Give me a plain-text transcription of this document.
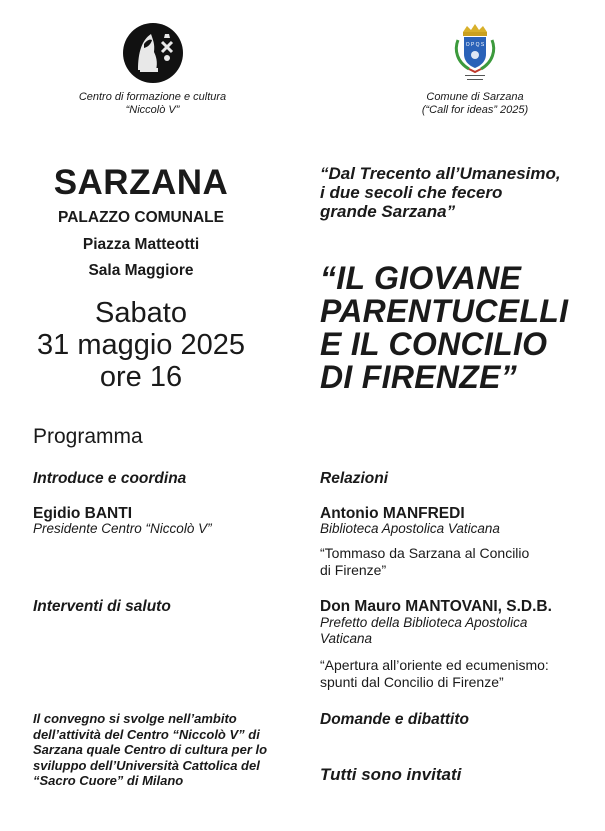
Centro di formazione e cultura
“Niccolò V”
O P Q S
Comune di Sarzana
(“Call for ideas” 2025)
SARZANA
PALAZZO COMUNALE
Piazza Matteotti
Sala Maggiore
Sabato
31 maggio 2025
ore 16
“Dal Trecento all’Umanesimo,
i due secoli che fecero
grande Sarzana”
“IL GIOVANE
PARENTUCELLI
E IL CONCILIO
DI FIRENZE”
Programma
Introduce e coordina
Egidio BANTI
Presidente Centro “Niccolò V”
Interventi di saluto
Relazioni
Antonio MANFREDI
Biblioteca Apostolica Vaticana
“Tommaso da Sarzana al Concilio
di Firenze”
Don Mauro MANTOVANI, S.D.B.
Prefetto della Biblioteca Apostolica
Vaticana
“Apertura all’oriente ed ecumenismo:
spunti dal Concilio di Firenze”
Il convegno si svolge nell’ambito
dell’attività del Centro “Niccolò V” di
Sarzana quale Centro di cultura per lo
sviluppo dell’Università Cattolica del
“Sacro Cuore” di Milano
Domande e dibattito
Tutti sono invitati
